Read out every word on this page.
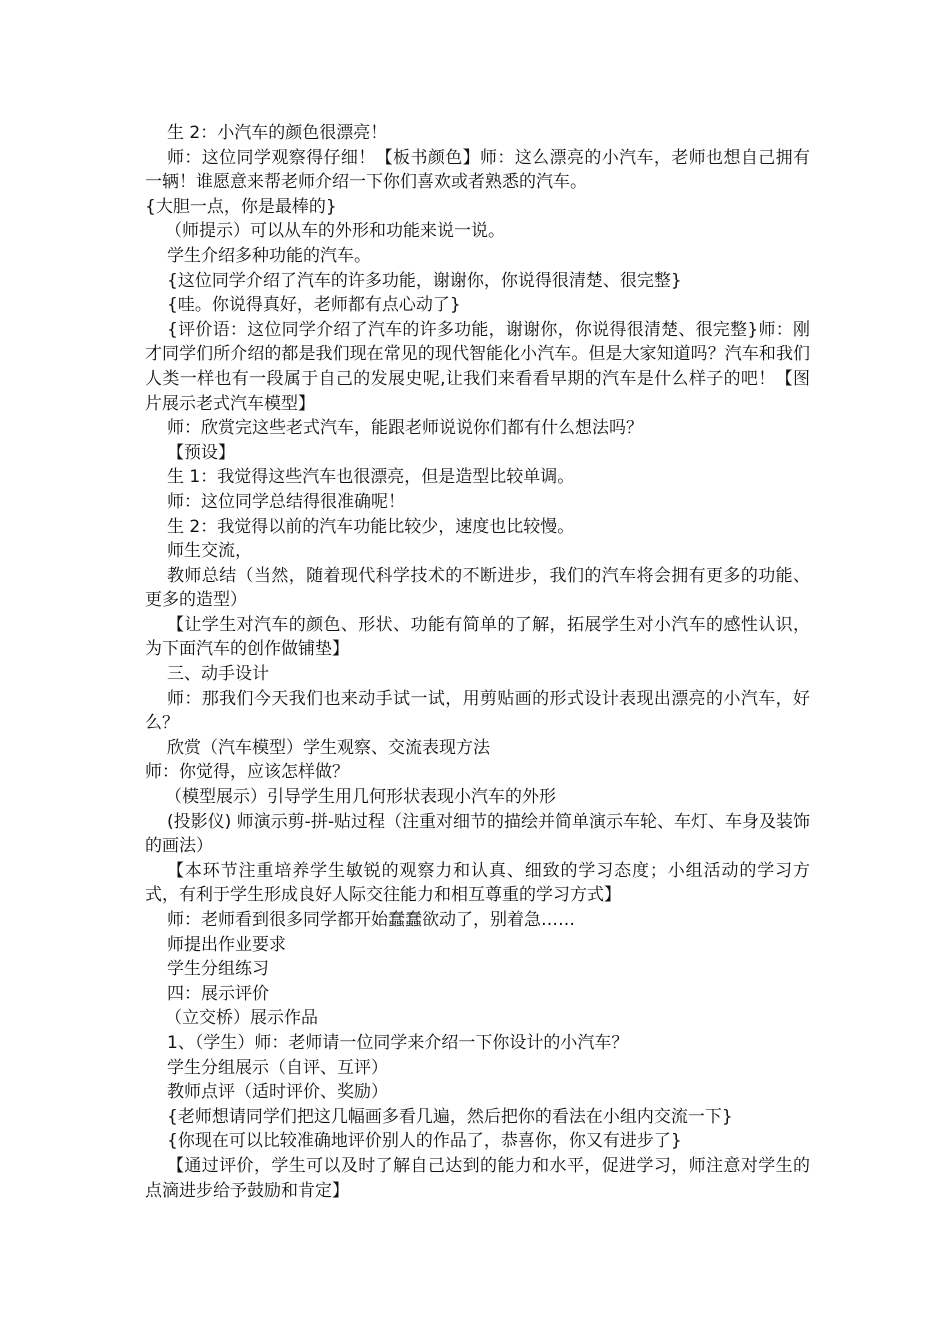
生 2：小汽车的颜色很漂亮！

师：这位同学观察得仔细！【板书颜色】师：这么漂亮的小汽车，老师也想自己拥有一辆！谁愿意来帮老师介绍一下你们喜欢或者熟悉的汽车。

{大胆一点，你是最棒的}

（师提示）可以从车的外形和功能来说一说。

学生介绍多种功能的汽车。

{这位同学介绍了汽车的许多功能，谢谢你，你说得很清楚、很完整}

{哇。你说得真好，老师都有点心动了}

{评价语：这位同学介绍了汽车的许多功能，谢谢你，你说得很清楚、很完整}师：刚才同学们所介绍的都是我们现在常见的现代智能化小汽车。但是大家知道吗？汽车和我们人类一样也有一段属于自己的发展史呢,让我们来看看早期的汽车是什么样子的吧！【图片展示老式汽车模型】

师：欣赏完这些老式汽车，能跟老师说说你们都有什么想法吗？

【预设】

生 1：我觉得这些汽车也很漂亮，但是造型比较单调。

师：这位同学总结得很准确呢！

生 2：我觉得以前的汽车功能比较少，速度也比较慢。

师生交流，

教师总结（当然，随着现代科学技术的不断进步，我们的汽车将会拥有更多的功能、更多的造型）

【让学生对汽车的颜色、形状、功能有简单的了解，拓展学生对小汽车的感性认识，为下面汽车的创作做铺垫】

三、动手设计

师：那我们今天我们也来动手试一试，用剪贴画的形式设计表现出漂亮的小汽车，好么？

欣赏（汽车模型）学生观察、交流表现方法

师：你觉得，应该怎样做？

（模型展示）引导学生用几何形状表现小汽车的外形

(投影仪) 师演示剪-拼-贴过程（注重对细节的描绘并简单演示车轮、车灯、车身及装饰的画法）

【本环节注重培养学生敏锐的观察力和认真、细致的学习态度；小组活动的学习方式，有利于学生形成良好人际交往能力和相互尊重的学习方式】

师：老师看到很多同学都开始蠢蠢欲动了，别着急……

师提出作业要求

学生分组练习

四：展示评价

（立交桥）展示作品

1、（学生）师：老师请一位同学来介绍一下你设计的小汽车？

学生分组展示（自评、互评）

教师点评（适时评价、奖励）

{老师想请同学们把这几幅画多看几遍，然后把你的看法在小组内交流一下}

{你现在可以比较准确地评价别人的作品了，恭喜你，你又有进步了}

【通过评价，学生可以及时了解自己达到的能力和水平，促进学习，师注意对学生的点滴进步给予鼓励和肯定】
